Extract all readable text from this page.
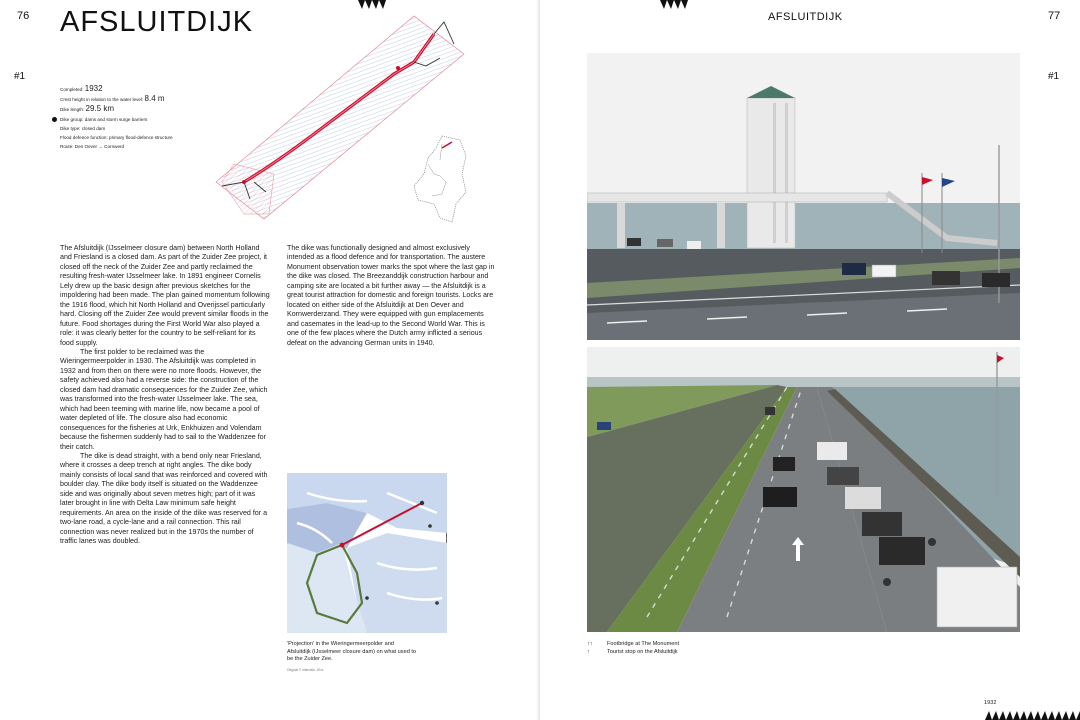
76 AFSLUITDIJK
#1
Completed: 1932
Crest height in relation to the water level: 8.4 m
Dike length: 29.5 km
Dike group: dams and storm surge barriers
Dike type: closed dam
Flood defence function: primary flood-defence structure
Route: Den Oever → Cornwerd

The Afsluitdijk (IJsselmeer closure dam) between North Holland and Friesland is a closed dam. As part of the Zuider Zee project, it closed off the neck of the Zuider Zee and partly reclaimed the resulting fresh-water IJsselmeer lake. In 1891 engineer Cornelis Lely drew up the basic design after previous sketches for the impoldering had been made. The plan gained momentum following the 1916 flood, which hit North Holland and Overijssel particularly hard. Closing off the Zuider Zee would prevent similar floods in the future. Food shortages during the First World War also played a role: it was clearly better for the country to be self-reliant for its food supply.

The first polder to be reclaimed was the Wieringermeerpolder in 1930. The Afsluitdijk was completed in 1932 and from then on there were no more floods. However, the safety achieved also had a reverse side: the construction of the closed dam had dramatic consequences for the Zuider Zee, which was transformed into the fresh-water IJsselmeer lake. The sea, which had been teeming with marine life, now became a pool of water depleted of life. The closure also had economic consequences for the fisheries at Urk, Enkhuizen and Volendam because the fishermen suddenly had to sail to the Waddenzee for their catch.

The dike is dead straight, with a bend only near Friesland, where it crosses a deep trench at right angles. The dike body mainly consists of local sand that was reinforced and covered with boulder clay. The dike body itself is situated on the Waddenzee side and was originally about seven metres high; part of it was later brought in line with Delta Law minimum safe height requirements. An area on the inside of the dike was reserved for a two-lane road, a cycle-lane and a rail connection. This rail connection was never realized but in the 1970s the number of traffic lanes was doubled.

The dike was functionally designed and almost exclusively intended as a flood defence and for transportation. The austere Monument observation tower marks the spot where the last gap in the dike was closed. The Breezanddijk construction harbour and camping site are located a bit further away — the Afsluitdijk is a great tourist attraction for domestic and foreign tourists. Locks are located on either side of the Afsluitdijk at Den Oever and Kornwerderzand. They were equipped with gun emplacements and casemates in the lead-up to the Second World War. This is one of the few places where the Dutch army inflicted a serious defeat on the advancing German units in 1940.

'Projection' in the Wieringermeerpolder and Afsluitdijk (IJsselmeer closure dam) on what used to be the Zuider Zee.
Original © Intervisie, 20xx
AFSLUITDIJK	77
#1
↑↑	Footbridge at The Monument
↑	Tourist stop on the Afsluitdijk
1932
◀
◀
◀
